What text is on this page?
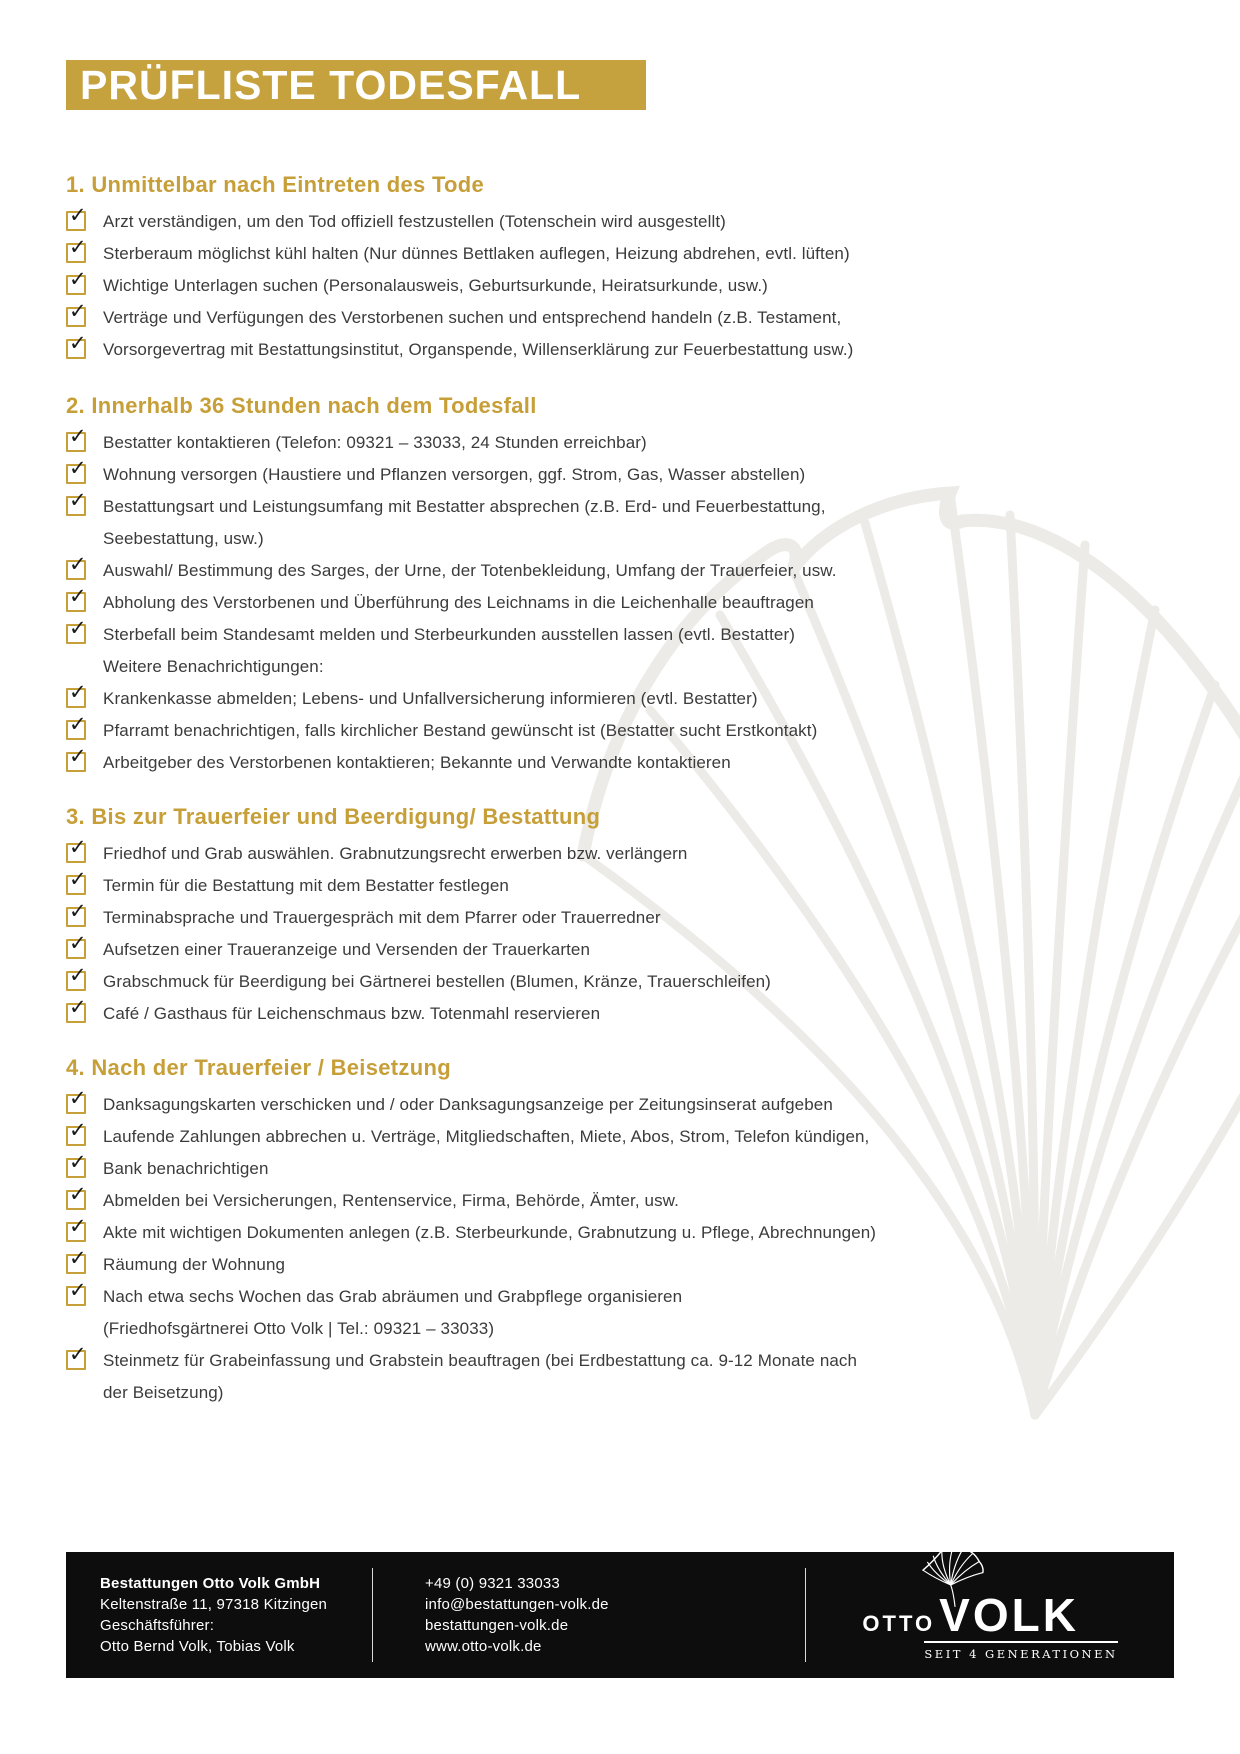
PRÜFLISTE TODESFALL
1. Unmittelbar nach Eintreten des Tode
✓ Arzt verständigen, um den Tod offiziell festzustellen (Totenschein wird ausgestellt)
✓ Sterberaum möglichst kühl halten (Nur dünnes Bettlaken auflegen, Heizung abdrehen, evtl. lüften)
✓ Wichtige Unterlagen suchen (Personalausweis, Geburtsurkunde, Heiratsurkunde, usw.)
✓ Verträge und Verfügungen des Verstorbenen suchen und entsprechend handeln (z.B. Testament,
✓ Vorsorgevertrag mit Bestattungsinstitut, Organspende, Willenserklärung zur Feuerbestattung usw.)
2. Innerhalb 36 Stunden nach dem Todesfall
✓ Bestatter kontaktieren (Telefon: 09321 – 33033, 24 Stunden erreichbar)
✓ Wohnung versorgen (Haustiere und Pflanzen versorgen, ggf. Strom, Gas, Wasser abstellen)
✓ Bestattungsart und Leistungsumfang mit Bestatter absprechen (z.B. Erd- und Feuerbestattung,
Seebestattung, usw.)
✓ Auswahl/ Bestimmung des Sarges, der Urne, der Totenbekleidung, Umfang der Trauerfeier, usw.
✓ Abholung des Verstorbenen und Überführung des Leichnams in die Leichenhalle beauftragen
✓ Sterbefall beim Standesamt melden und Sterbeurkunden ausstellen lassen (evtl. Bestatter)
Weitere Benachrichtigungen:
✓ Krankenkasse abmelden; Lebens- und Unfallversicherung informieren (evtl. Bestatter)
✓ Pfarramt benachrichtigen, falls kirchlicher Bestand gewünscht ist (Bestatter sucht Erstkontakt)
✓ Arbeitgeber des Verstorbenen kontaktieren; Bekannte und Verwandte kontaktieren
3. Bis zur Trauerfeier und Beerdigung/ Bestattung
✓ Friedhof und Grab auswählen. Grabnutzungsrecht erwerben bzw. verlängern
✓ Termin für die Bestattung mit dem Bestatter festlegen
✓ Terminabsprache und Trauergespräch mit dem Pfarrer oder Trauerredner
✓ Aufsetzen einer Traueranzeige und Versenden der Trauerkarten
✓ Grabschmuck für Beerdigung bei Gärtnerei bestellen (Blumen, Kränze, Trauerschleifen)
✓ Café / Gasthaus für Leichenschmaus bzw. Totenmahl reservieren
4. Nach der Trauerfeier / Beisetzung
✓ Danksagungskarten verschicken und / oder Danksagungsanzeige per Zeitungsinserat aufgeben
✓ Laufende Zahlungen abbrechen u. Verträge, Mitgliedschaften, Miete, Abos, Strom, Telefon kündigen,
✓ Bank benachrichtigen
✓ Abmelden bei Versicherungen, Rentenservice, Firma, Behörde, Ämter, usw.
✓ Akte mit wichtigen Dokumenten anlegen (z.B. Sterbeurkunde, Grabnutzung u. Pflege, Abrechnungen)
✓ Räumung der Wohnung
✓ Nach etwa sechs Wochen das Grab abräumen und Grabpflege organisieren
(Friedhofsgärtnerei Otto Volk | Tel.: 09321 – 33033)
✓ Steinmetz für Grabeinfassung und Grabstein beauftragen (bei Erdbestattung ca. 9-12 Monate nach
der Beisetzung)
Bestattungen Otto Volk GmbH
Keltenstraße 11, 97318 Kitzingen
Geschäftsführer:
Otto Bernd Volk, Tobias Volk
+49 (0) 9321 33033
info@bestattungen-volk.de
bestattungen-volk.de
www.otto-volk.de
OTTO VOLK
SEIT 4 GENERATIONEN
